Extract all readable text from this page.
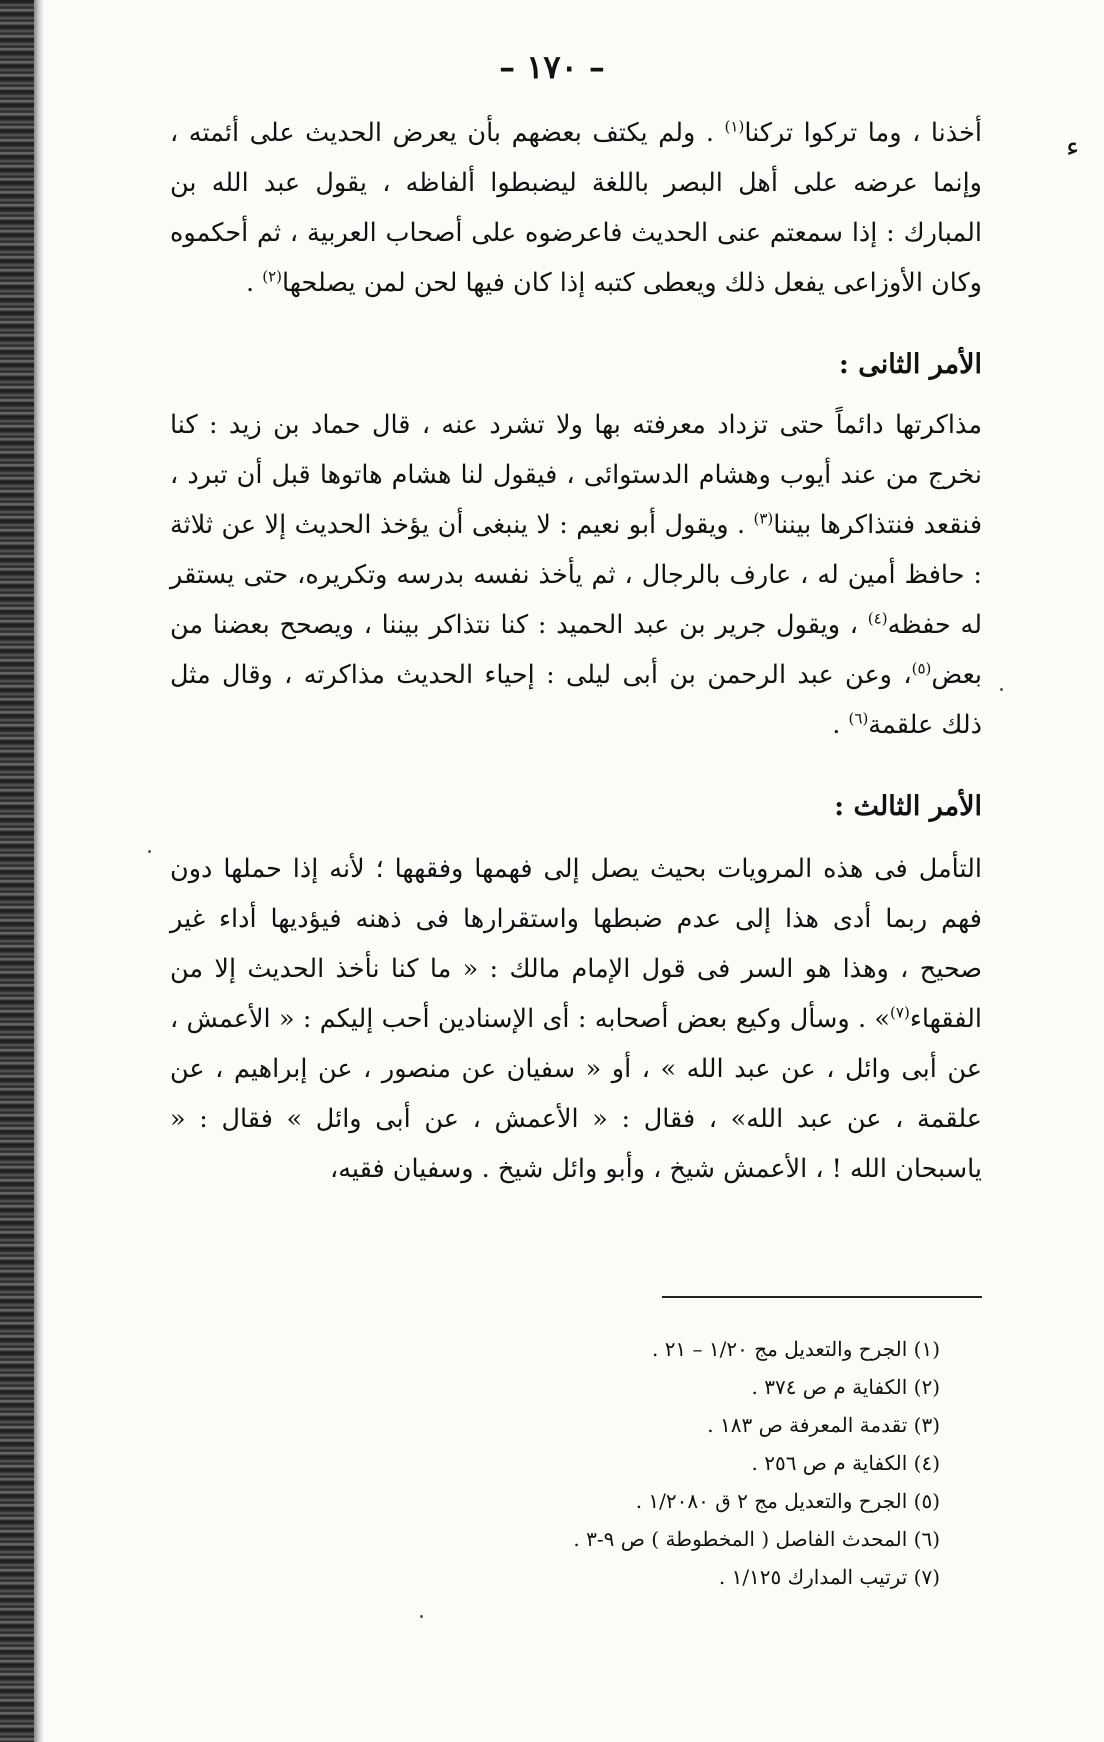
– ١٧٠ –
ء

أخذنا ، وما تركوا تركنا$^{(١)}$ . ولم يكتف بعضهم بأن يعرض الحديث على أئمته ، وإنما عرضه على أهل البصر باللغة ليضبطوا ألفاظه ، يقول عبد الله بن المبارك : إذا سمعتم عنى الحديث فاعرضوه على أصحاب العربية ، ثم أحكموه وكان الأوزاعى يفعل ذلك ويعطى كتبه إذا كان فيها لحن لمن يصلحها$^{(٢)}$ .

الأمر الثانى :

مذاكرتها دائماً حتى تزداد معرفته بها ولا تشرد عنه ، قال حماد بن زيد : كنا نخرج من عند أيوب وهشام الدستوائى ، فيقول لنا هشام هاتوها قبل أن تبرد ، فنقعد فنتذاكرها بيننا$^{(٣)}$ . ويقول أبو نعيم : لا ينبغى أن يؤخذ الحديث إلا عن ثلاثة : حافظ أمين له ، عارف بالرجال ، ثم يأخذ نفسه بدرسه وتكريره، حتى يستقر له حفظه$^{(٤)}$ ، ويقول جرير بن عبد الحميد : كنا نتذاكر بيننا ، ويصحح بعضنا من بعض$^{(٥)}$، وعن عبد الرحمن بن أبى ليلى : إحياء الحديث مذاكرته ، وقال مثل ذلك علقمة$^{(٦)}$ .

الأمر الثالث :

التأمل فى هذه المرويات بحيث يصل إلى فهمها وفقهها ؛ لأنه إذا حملها دون فهم ربما أدى هذا إلى عدم ضبطها واستقرارها فى ذهنه فيؤديها أداء غير صحيح ، وهذا هو السر فى قول الإمام مالك : « ما كنا نأخذ الحديث إلا من الفقهاء$^{(٧)}$» . وسأل وكيع بعض أصحابه : أى الإسنادين أحب إليكم : « الأعمش ، عن أبى وائل ، عن عبد الله » ، أو « سفيان عن منصور ، عن إبراهيم ، عن علقمة ، عن عبد الله» ، فقال : « الأعمش ، عن أبى وائل » فقال : « ياسبحان الله ! ، الأعمش شيخ ، وأبو وائل شيخ . وسفيان فقيه،

(١) الجرح والتعديل مج ١/٢٠ – ٢١ .
(٢) الكفاية م ص ٣٧٤ .
(٣) تقدمة المعرفة ص ١٨٣ .
(٤) الكفاية م ص ٢٥٦ .
(٥) الجرح والتعديل مج ٢ ق ١/٢٠٨٠ .
(٦) المحدث الفاصل ( المخطوطة ) ص ٩-٣ .
(٧) ترتيب المدارك ١/١٢٥ .
